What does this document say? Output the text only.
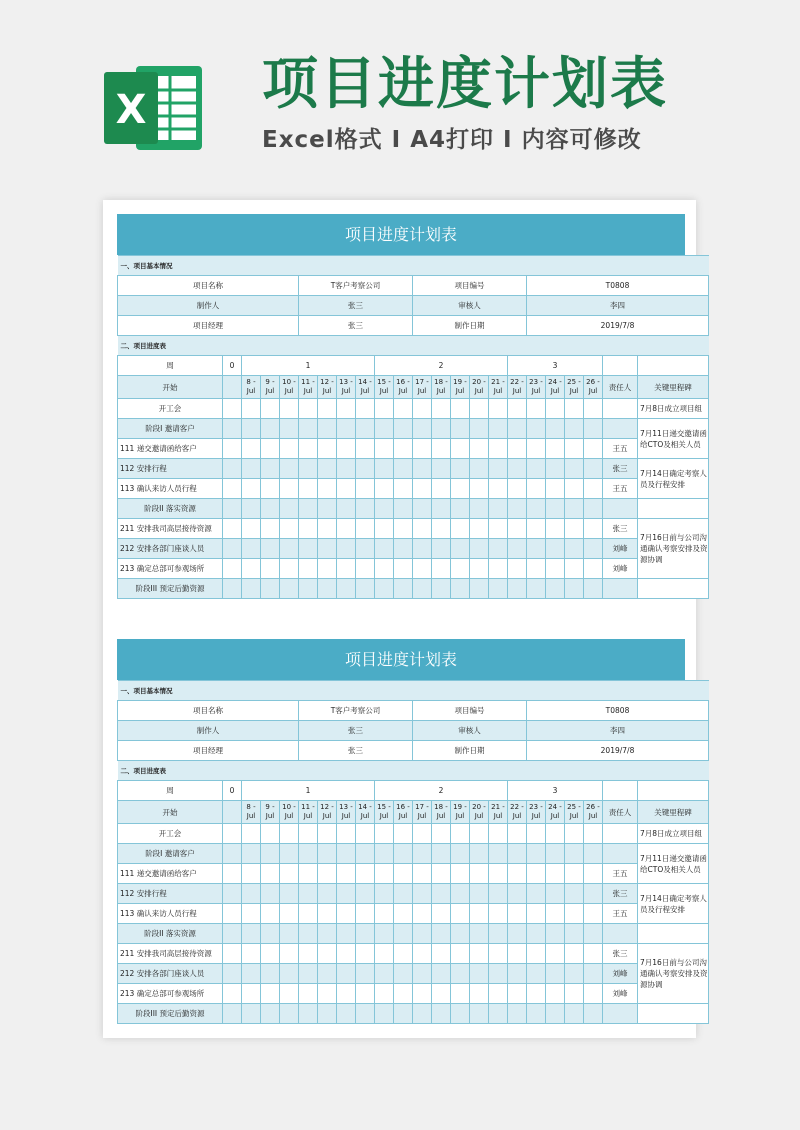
X 项目进度计划表
Excel格式 I A4打印 I 内容可修改
项目进度计划表
一、项目基本情况																						
项目名称					T客户考察公司						项目编号						T0808					
制作人					张三						审核人						李四					
项目经理					张三						制作日期						2019/7/8					
二、项目进度表																						
周	0	1							2							3						
开始		8 -Jul	9 -Jul	10 -Jul	11 -Jul	12 -Jul	13 -Jul	14 -Jul	15 -Jul	16 -Jul	17 -Jul	18 -Jul	19 -Jul	20 -Jul	21 -Jul	22 -Jul	23 -Jul	24 -Jul	25 -Jul	26 -Jul	责任人	关键里程碑
开工会																						7月8日成立项目组
阶段I 邀请客户																						7月11日递交邀请函给CTO及相关人员
111 递交邀请函给客户																					王五	
112 安排行程																					张三	7月14日确定考察人员及行程安排
113 确认来访人员行程																					王五	
阶段II 落实资源																						
211 安排我司高层接待资源																					张三	7月16日前与公司沟通确认考察安排及资源协调
212 安排各部门座谈人员																					刘峰	
213 确定总部可参观场所																					刘峰	
阶段III 预定后勤资源																						
项目进度计划表
一、项目基本情况																						
项目名称					T客户考察公司						项目编号						T0808					
制作人					张三						审核人						李四					
项目经理					张三						制作日期						2019/7/8					
二、项目进度表																						
周	0	1							2							3						
开始		8 -Jul	9 -Jul	10 -Jul	11 -Jul	12 -Jul	13 -Jul	14 -Jul	15 -Jul	16 -Jul	17 -Jul	18 -Jul	19 -Jul	20 -Jul	21 -Jul	22 -Jul	23 -Jul	24 -Jul	25 -Jul	26 -Jul	责任人	关键里程碑
开工会																						7月8日成立项目组
阶段I 邀请客户																						7月11日递交邀请函给CTO及相关人员
111 递交邀请函给客户																					王五	
112 安排行程																					张三	7月14日确定考察人员及行程安排
113 确认来访人员行程																					王五	
阶段II 落实资源																						
211 安排我司高层接待资源																					张三	7月16日前与公司沟通确认考察安排及资源协调
212 安排各部门座谈人员																					刘峰	
213 确定总部可参观场所																					刘峰	
阶段III 预定后勤资源																						
